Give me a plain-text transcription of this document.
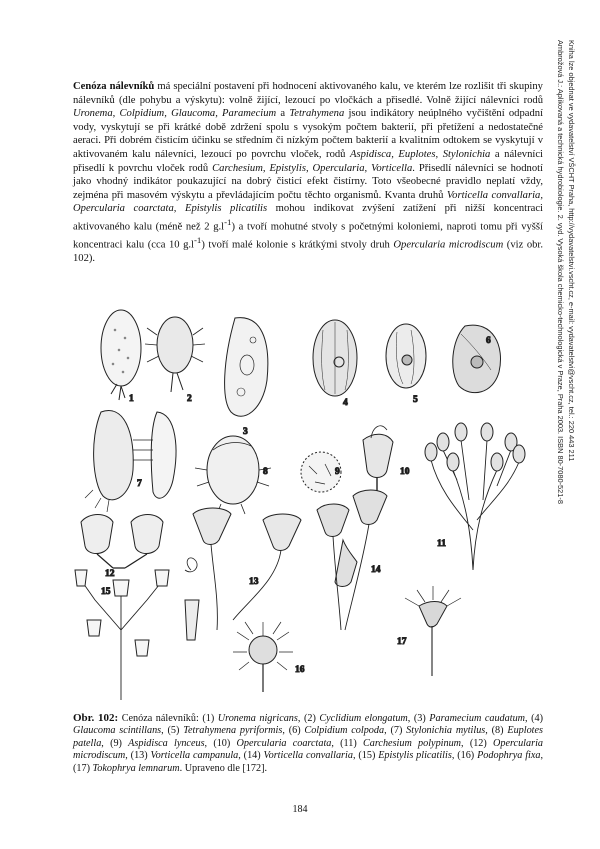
Cenóza nálevníků má speciální postavení při hodnocení aktivovaného kalu, ve kterém lze rozlišit tři skupiny nálevníků (dle pohybu a výskytu): volně žijící, lezoucí po vločkách a přisedlé. Volně žijící nálevníci rodů Uronema, Colpidium, Glaucoma, Paramecium a Tetrahymena jsou indikátory neúplného vyčištění odpadní vody, vyskytují se při krátké době zdržení spolu s vysokým počtem bakterií, při přetížení a nedostatečné aeraci. Při dobrém čisticím účinku se středním či nízkým počtem bakterií a kvalitním odtokem se vyskytují v aktivovaném kalu nálevníci, lezoucí po povrchu vloček, rodů Aspidisca, Euplotes, Stylonichia a nálevníci přisedlí k povrchu vloček rodů Carchesium, Epistylis, Opercularia, Vorticella. Přisedlí nálevníci se hodnotí jako vhodný indikátor poukazující na dobrý čisticí efekt čistírny. Toto všeobecné pravidlo neplatí vždy, zejména při masovém výskytu a převládajícím počtu těchto organismů. Kvanta druhů Vorticella convallaria, Opercularia coarctata, Epistylis plicatilis mohou indikovat zvýšení zatížení při nižší koncentraci aktivovaného kalu (méně než 2 $g.l^{-1}$) a tvoří mohutné stvoly s početnými koloniemi, naproti tomu při vyšší koncentraci kalu (cca 10 $g.l^{-1}$) tvoří malé kolonie s krátkými stvoly druh Opercularia microdiscum (viz obr. 102).	Ambrožová J.: Aplikovaná a technická hydrobiologie. 2. vyd. Vysoká škola chemicko-technologická v Praze, Praha 2003. ISBN 80-7080-521-8 Kniha lze objednat ve vydavatelství VŠCHT Praha, http://vydavatelstvi.vscht.cz, e-mail: vydavatelstvi@vscht.cz, tel.: 220 443 211
1	2
3
4	5
6
7
8	9	10
11
12
13
14
15
16
17

Obr. 102: Cenóza nálevníků: (1) Uronema nigricans, (2) Cyclidium elongatum, (3) Paramecium caudatum, (4) Glaucoma scintillans, (5) Tetrahymena pyriformis, (6) Colpidium colpoda, (7) Stylonichia mytilus, (8) Euplotes patella, (9) Aspidisca lynceus, (10) Opercularia coarctata, (11) Carchesium polypinum, (12) Opercularia microdiscum, (13) Vorticella campanula, (14) Vorticella convallaria, (15) Epistylis plicatilis, (16) Podophrya fixa, (17) Tokophrya lemnarum. Upraveno dle [172].

184
